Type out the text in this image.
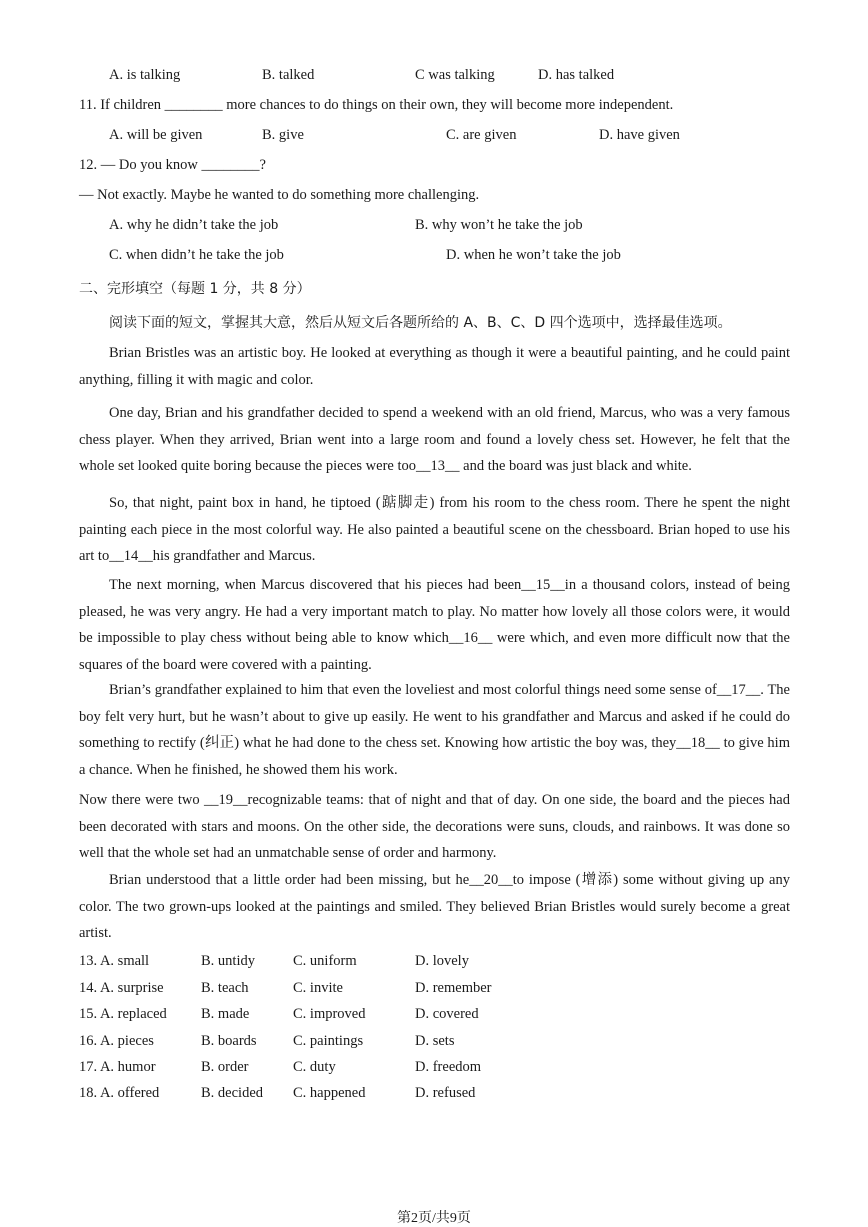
A. is talking	B. talked	C was talking	D. has talked
11. If children ________ more chances to do things on their own, they will become more independent.
A. will be given	B. give	C. are given	D. have given
12. — Do you know ________?
— Not exactly. Maybe he wanted to do something more challenging.
A. why he didn’t take the job	B. why won’t he take the job
C. when didn’t he take the job	D. when he won’t take the job
二、完形填空（每题 1 分，共 8 分）
阅读下面的短文，掌握其大意，然后从短文后各题所给的 A、B、C、D 四个选项中，选择最佳选项。
Brian Bristles was an artistic boy. He looked at everything as though it were a beautiful painting, and he could paint anything, filling it with magic and color.
One day, Brian and his grandfather decided to spend a weekend with an old friend, Marcus, who was a very famous chess player. When they arrived, Brian went into a large room and found a lovely chess set. However, he felt that the whole set looked quite boring because the pieces were too__13__ and the board was just black and white.
So, that night, paint box in hand, he tiptoed (踮脚走) from his room to the chess room. There he spent the night painting each piece in the most colorful way. He also painted a beautiful scene on the chessboard. Brian hoped to use his art to__14__his grandfather and Marcus.
The next morning, when Marcus discovered that his pieces had been__15__in a thousand colors, instead of being pleased, he was very angry. He had a very important match to play. No matter how lovely all those colors were, it would be impossible to play chess without being able to know which__16__ were which, and even more difficult now that the squares of the board were covered with a painting.
Brian’s grandfather explained to him that even the loveliest and most colorful things need some sense of__17__. The boy felt very hurt, but he wasn’t about to give up easily. He went to his grandfather and Marcus and asked if he could do something to rectify (纠正) what he had done to the chess set. Knowing how artistic the boy was, they__18__ to give him a chance. When he finished, he showed them his work.
Now there were two __19__recognizable teams: that of night and that of day. On one side, the board and the pieces had been decorated with stars and moons. On the other side, the decorations were suns, clouds, and rainbows. It was done so well that the whole set had an unmatchable sense of order and harmony.
Brian understood that a little order had been missing, but he__20__to impose (增添) some without giving up any color. The two grown-ups looked at the paintings and smiled. They believed Brian Bristles would surely become a great artist.
13. A. small	B. untidy	C. uniform	D. lovely
14. A. surprise	B. teach	C. invite	D. remember
15. A. replaced B. made	C. improved	D. covered
16. A. pieces	B. boards	C. paintings	D. sets
17. A. humor	B. order	C. duty	D. freedom
18. A. offered	B. decided C. happened	D. refused
第2页/共9页
